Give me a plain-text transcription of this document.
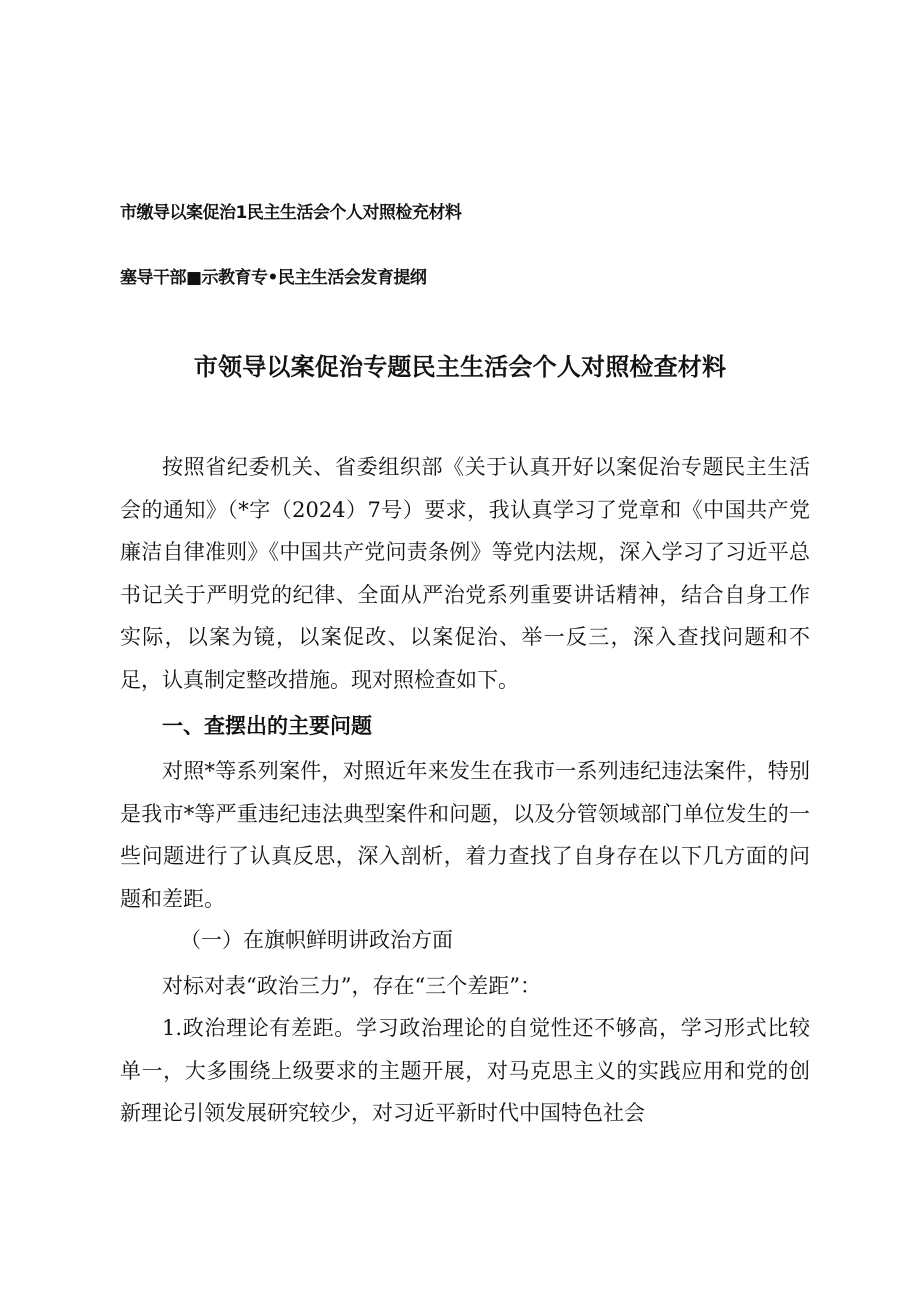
市缴导以案促治1民主生活会个人对照检充材料
塞导干部■示教育专•民主生活会发育提纲
市领导以案促治专题民主生活会个人对照检查材料

按照省纪委机关、省委组织部《关于认真开好以案促治专题民主生活会的通知》（*字（2024）7号）要求，我认真学习了党章和《中国共产党廉洁自律准则》《中国共产党问责条例》等党内法规，深入学习了习近平总书记关于严明党的纪律、全面从严治党系列重要讲话精神，结合自身工作实际，以案为镜，以案促改、以案促治、举一反三，深入查找问题和不足，认真制定整改措施。现对照检查如下。

一、查摆出的主要问题

对照*等系列案件，对照近年来发生在我市一系列违纪违法案件，特别是我市*等严重违纪违法典型案件和问题，以及分管领域部门单位发生的一些问题进行了认真反思，深入剖析，着力查找了自身存在以下几方面的问题和差距。

（一）在旗帜鲜明讲政治方面

对标对表“政治三力”，存在“三个差距”：

1.政治理论有差距。学习政治理论的自觉性还不够高，学习形式比较单一，大多围绕上级要求的主题开展，对马克思主义的实践应用和党的创新理论引领发展研究较少，对习近平新时代中国特色社会
